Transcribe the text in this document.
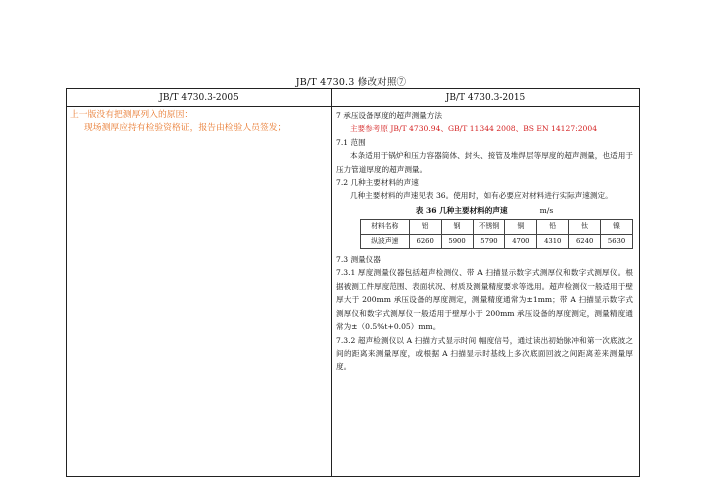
JB/T 4730.3 修改对照⑦
JB/T 4730.3-2005	JB/T 4730.3-2015

上一版没有把测厚列入的原因：
现场测厚应持有检验资格证，报告由检验人员签发；

7 承压设备厚度的超声测量方法

主要参考原 JB/T 4730.94、GB/T 11344 2008、BS EN 14127:2004

7.1 范围

本条适用于锅炉和压力容器筒体、封头、接管及堆焊层等厚度的超声测量，也适用于压力管道厚度的超声测量。

7.2 几种主要材料的声速

几种主要材料的声速见表 36。使用时，如有必要应对材料进行实际声速测定。

表 36 几种主要材料的声速	m/s

材料名称	铝	钢	不锈钢	铜	铅	钛	镍
纵波声速	6260	5900	5790	4700	4310	6240	5630

7.3 测量仪器

7.3.1 厚度测量仪器包括超声检测仪、带 A 扫描显示数字式测厚仪和数字式测厚仪。根据被测工件厚度范围、表面状况、材质及测量精度要求等选用。超声检测仪一般适用于壁厚大于 200mm 承压设备的厚度测定，测量精度通常为±1mm；带 A 扫描显示数字式测厚仪和数字式测厚仪一般适用于壁厚小于 200mm 承压设备的厚度测定，测量精度通常为±（0.5%t+0.05）mm。

7.3.2 超声检测仪以 A 扫描方式显示时间 幅度信号，通过读出初始脉冲和第一次底波之间的距离来测量厚度，或根据 A 扫描显示时基线上多次底面回波之间距离差来测量厚度。
